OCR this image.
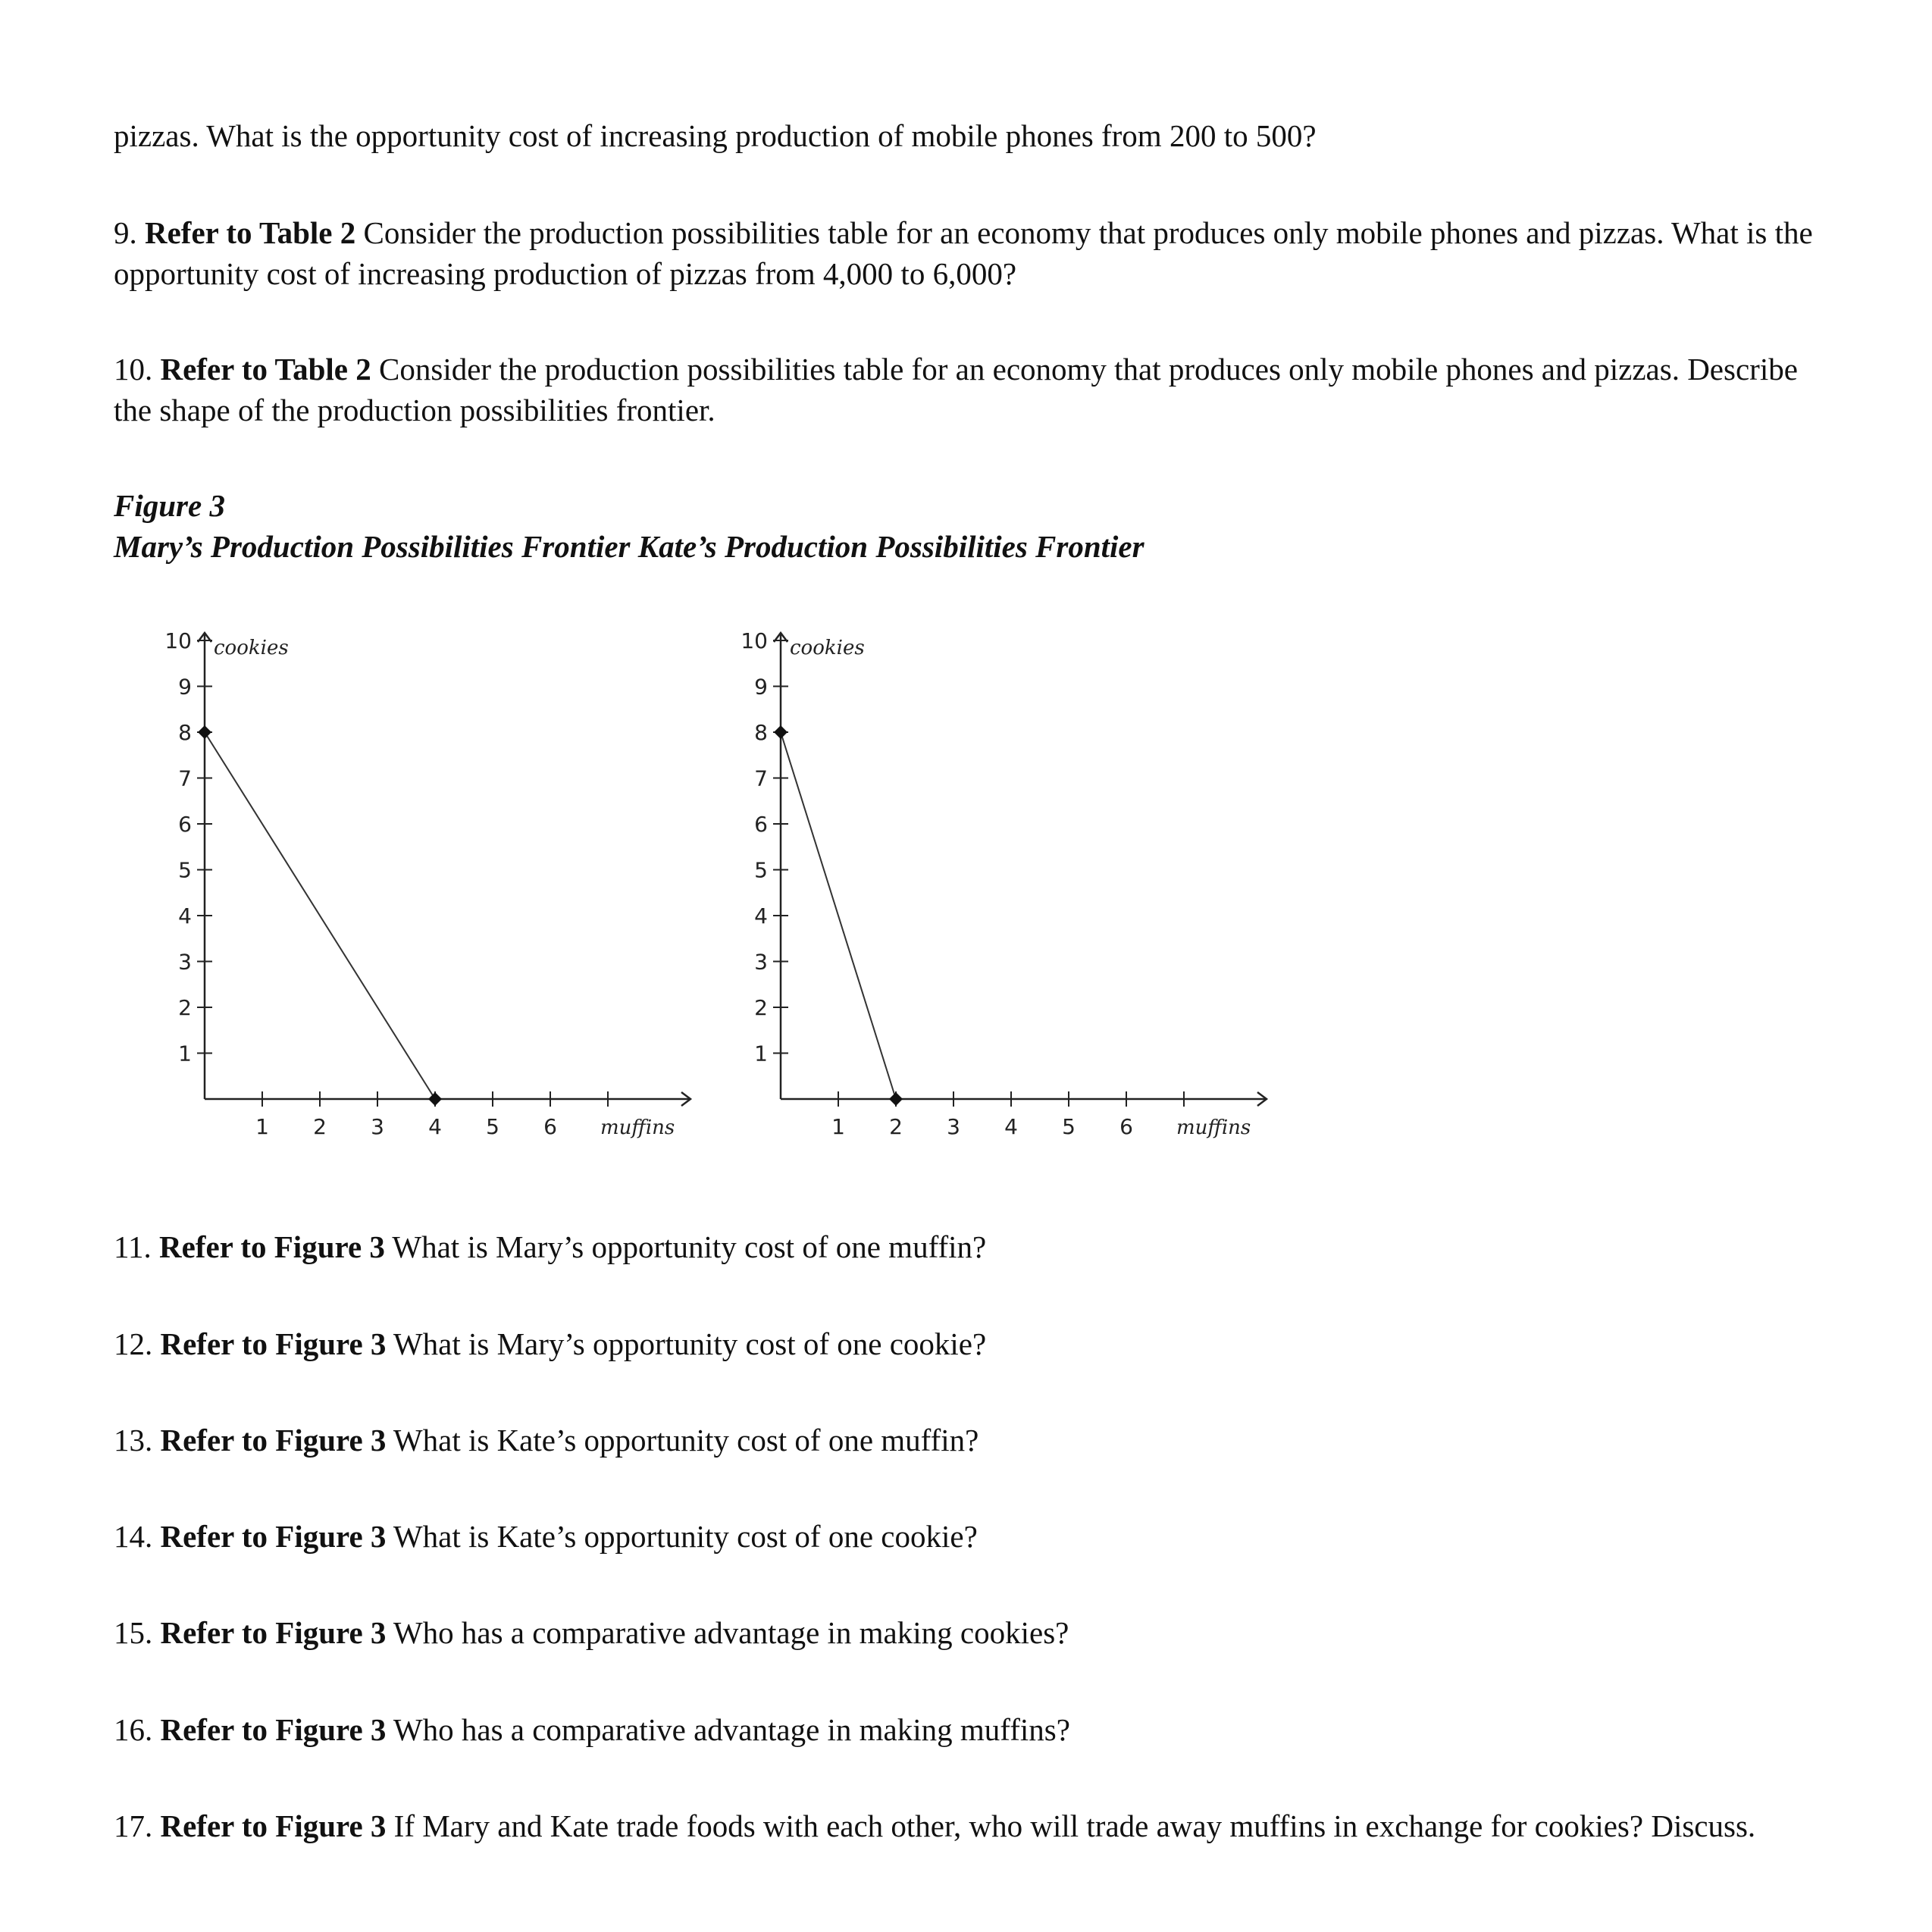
pizzas. What is the opportunity cost of increasing production of mobile phones from 200 to 500?

9. Refer to Table 2 Consider the production possibilities table for an economy that produces only mobile phones and pizzas. What is the opportunity cost of increasing production of pizzas from 4,000 to 6,000?

10. Refer to Table 2 Consider the production possibilities table for an economy that produces only mobile phones and pizzas. Describe the shape of the production possibilities frontier.

Figure 3

Mary’s Production Possibilities Frontier Kate’s Production Possibilities Frontier

1
2
3
4
5
6
7
8
9
10
1 2 3 4 5 6
cookies
muffins
1
2
3
4
5
6
7
8
9
10
1 2 3 4 5 6
cookies
muffins

11. Refer to Figure 3 What is Mary’s opportunity cost of one muffin?

12. Refer to Figure 3 What is Mary’s opportunity cost of one cookie?

13. Refer to Figure 3 What is Kate’s opportunity cost of one muffin?

14. Refer to Figure 3 What is Kate’s opportunity cost of one cookie?

15. Refer to Figure 3 Who has a comparative advantage in making cookies?

16. Refer to Figure 3 Who has a comparative advantage in making muffins?

17. Refer to Figure 3 If Mary and Kate trade foods with each other, who will trade away muffins in exchange for cookies? Discuss.
